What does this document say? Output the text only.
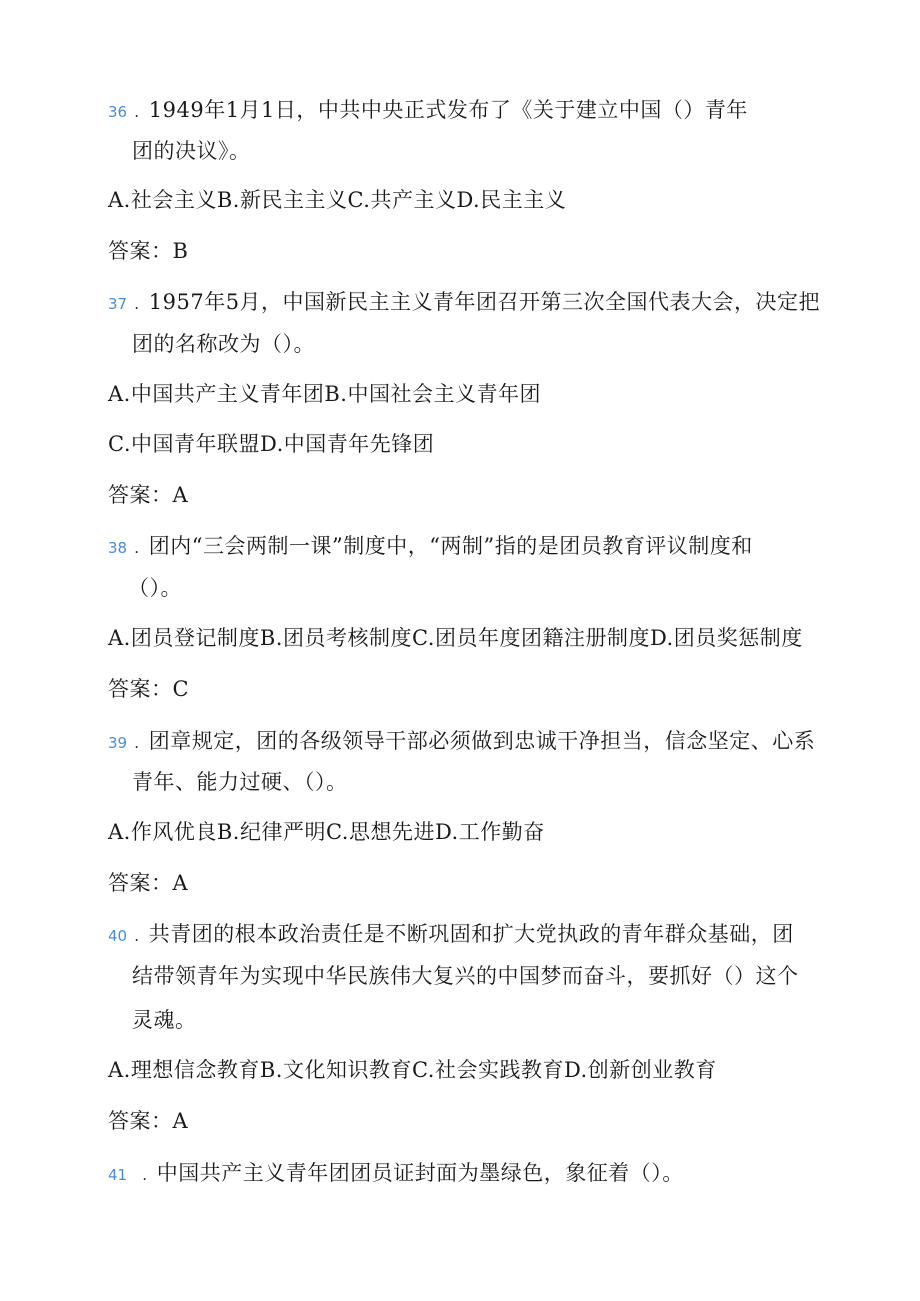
36 . 1949年1月1日，中共中央正式发布了《关于建立中国（）青年
团的决议》。
A.社会主义B.新民主主义C.共产主义D.民主主义
答案：B
37 . 1957年5月，中国新民主主义青年团召开第三次全国代表大会，决定把
团的名称改为（）。
A.中国共产主义青年团B.中国社会主义青年团
C.中国青年联盟D.中国青年先锋团
答案：A
38 . 团内“三会两制一课”制度中，“两制”指的是团员教育评议制度和
（）。
A.团员登记制度B.团员考核制度C.团员年度团籍注册制度D.团员奖惩制度
答案：C
39 . 团章规定，团的各级领导干部必须做到忠诚干净担当，信念坚定、心系
青年、能力过硬、（）。
A.作风优良B.纪律严明C.思想先进D.工作勤奋
答案：A
40 . 共青团的根本政治责任是不断巩固和扩大党执政的青年群众基础，团
结带领青年为实现中华民族伟大复兴的中国梦而奋斗，要抓好（）这个
灵魂。
A.理想信念教育B.文化知识教育C.社会实践教育D.创新创业教育
答案：A
41 . 中国共产主义青年团团员证封面为墨绿色，象征着（）。
